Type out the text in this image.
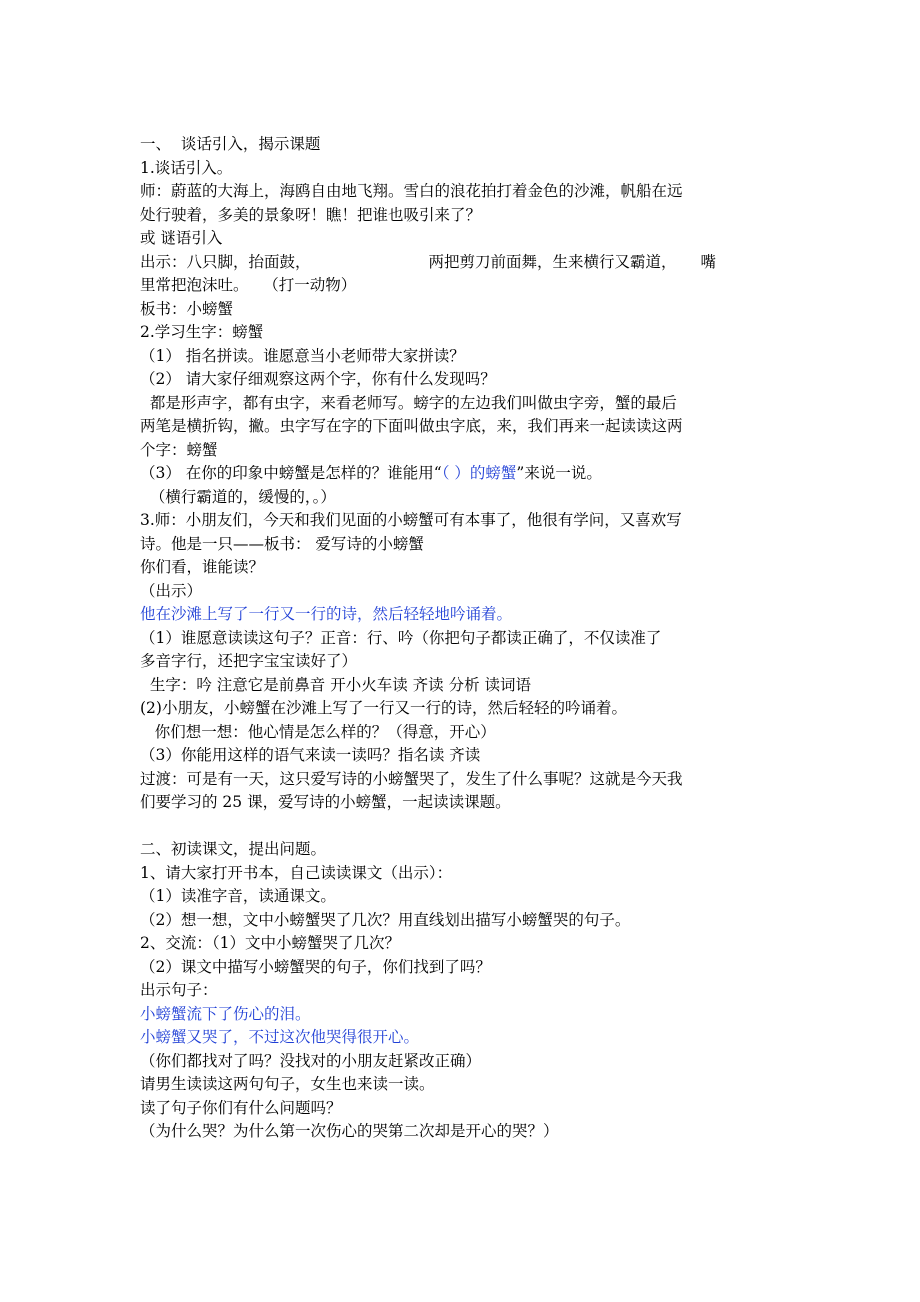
一、  谈话引入，揭示课题
1.谈话引入。
师：蔚蓝的大海上，海鸥自由地飞翔。雪白的浪花拍打着金色的沙滩，帆船在远
处行驶着，多美的景象呀！瞧！把谁也吸引来了？
或 谜语引入
出示：八只脚，抬面鼓，	两把剪刀前面舞，生来横行又霸道， 嘴
里常把泡沫吐。   （打一动物）
板书：小螃蟹
2.学习生字：螃蟹
（1） 指名拼读。谁愿意当小老师带大家拼读？
（2） 请大家仔细观察这两个字，你有什么发现吗？
都是形声字，都有虫字，来看老师写。螃字的左边我们叫做虫字旁，蟹的最后
两笔是横折钩，撇。虫字写在字的下面叫做虫字底，来，我们再来一起读读这两
个字：螃蟹
（3） 在你的印象中螃蟹是怎样的？谁能用“（ ）的螃蟹”来说一说。
（横行霸道的，缓慢的，。）
3.师：小朋友们，今天和我们见面的小螃蟹可有本事了，他很有学问，又喜欢写
诗。他是一只——板书： 爱写诗的小螃蟹
你们看，谁能读？
（出示）
他在沙滩上写了一行又一行的诗，然后轻轻地吟诵着。
（1）谁愿意读读这句子？正音：行、吟（你把句子都读正确了，不仅读准了
多音字行，还把字宝宝读好了）
生字：吟 注意它是前鼻音 开小火车读 齐读 分析 读词语
(2)小朋友，小螃蟹在沙滩上写了一行又一行的诗，然后轻轻的吟诵着。
你们想一想：他心情是怎么样的？（得意，开心）
（3）你能用这样的语气来读一读吗？指名读 齐读
过渡：可是有一天，这只爱写诗的小螃蟹哭了，发生了什么事呢？这就是今天我
们要学习的 25 课，爱写诗的小螃蟹，一起读读课题。
二、初读课文，提出问题。
1、请大家打开书本，自己读读课文（出示）：
（1）读准字音，读通课文。
（2）想一想，文中小螃蟹哭了几次？用直线划出描写小螃蟹哭的句子。
2、交流：（1）文中小螃蟹哭了几次？
（2）课文中描写小螃蟹哭的句子，你们找到了吗？
出示句子：
小螃蟹流下了伤心的泪。
小螃蟹又哭了，不过这次他哭得很开心。
（你们都找对了吗？没找对的小朋友赶紧改正确）
请男生读读这两句句子，女生也来读一读。
读了句子你们有什么问题吗？
（为什么哭？为什么第一次伤心的哭第二次却是开心的哭？）
